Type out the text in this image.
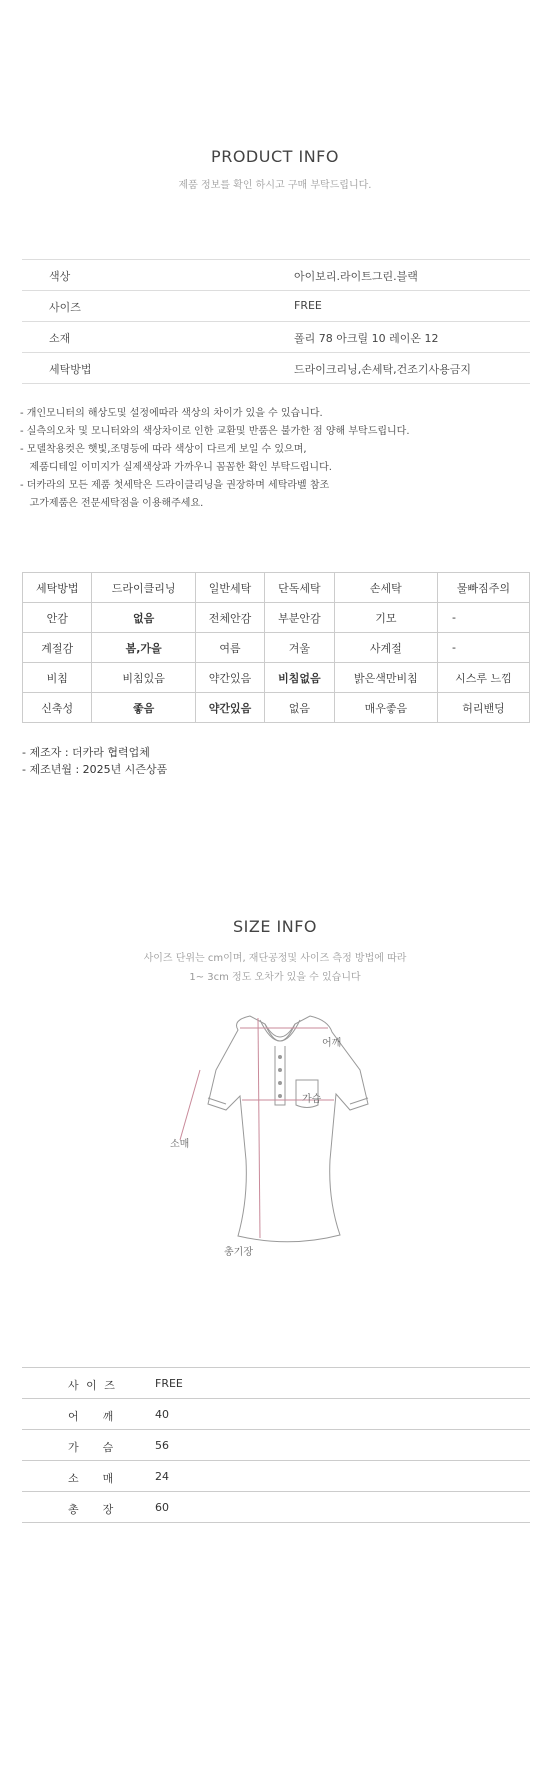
PRODUCT INFO
제품 정보를 확인 하시고 구매 부탁드립니다.
색상	아이보리.라이트그린.블랙
사이즈	FREE
소재	폴리 78 아크릴 10 레이온 12
세탁방법	드라이크리닝,손세탁,건조기사용금지
- 개인모니터의 해상도및 설정에따라 색상의 차이가 있을 수 있습니다.
- 실측의오차 및 모니터와의 색상차이로 인한 교환및 반품은 불가한 점 양해 부탁드립니다.
- 모델착용컷은 햇빛,조명등에 따라 색상이 다르게 보일 수 있으며,
제품디테일 이미지가 실제색상과 가까우니 꼼꼼한 확인 부탁드립니다.
- 더카라의 모든 제품 첫세탁은 드라이클리닝을 권장하며 세탁라벨 참조
고가제품은 전문세탁점을 이용해주세요.
세탁방법	드라이클리닝	일반세탁	단독세탁	손세탁	물빠짐주의
안감	없음	전체안감	부분안감	기모	-
계절감	봄,가을	여름	겨울	사계절	-
비침	비침있음	약간있음	비침없음	밝은색만비침	시스루 느낌
신축성	좋음	약간있음	없음	매우좋음	허리밴딩
- 제조자 : 더카라 협력업체
- 제조년월 : 2025년 시즌상품
SIZE INFO
사이즈 단위는 cm이며, 재단공정및 사이즈 측정 방법에 따라
1~ 3cm 정도 오차가 있을 수 있습니다
어깨
가슴
소매
총기장
사 이 즈	FREE
어    깨	40
가    슴	56
소    매	24
총    장	60
